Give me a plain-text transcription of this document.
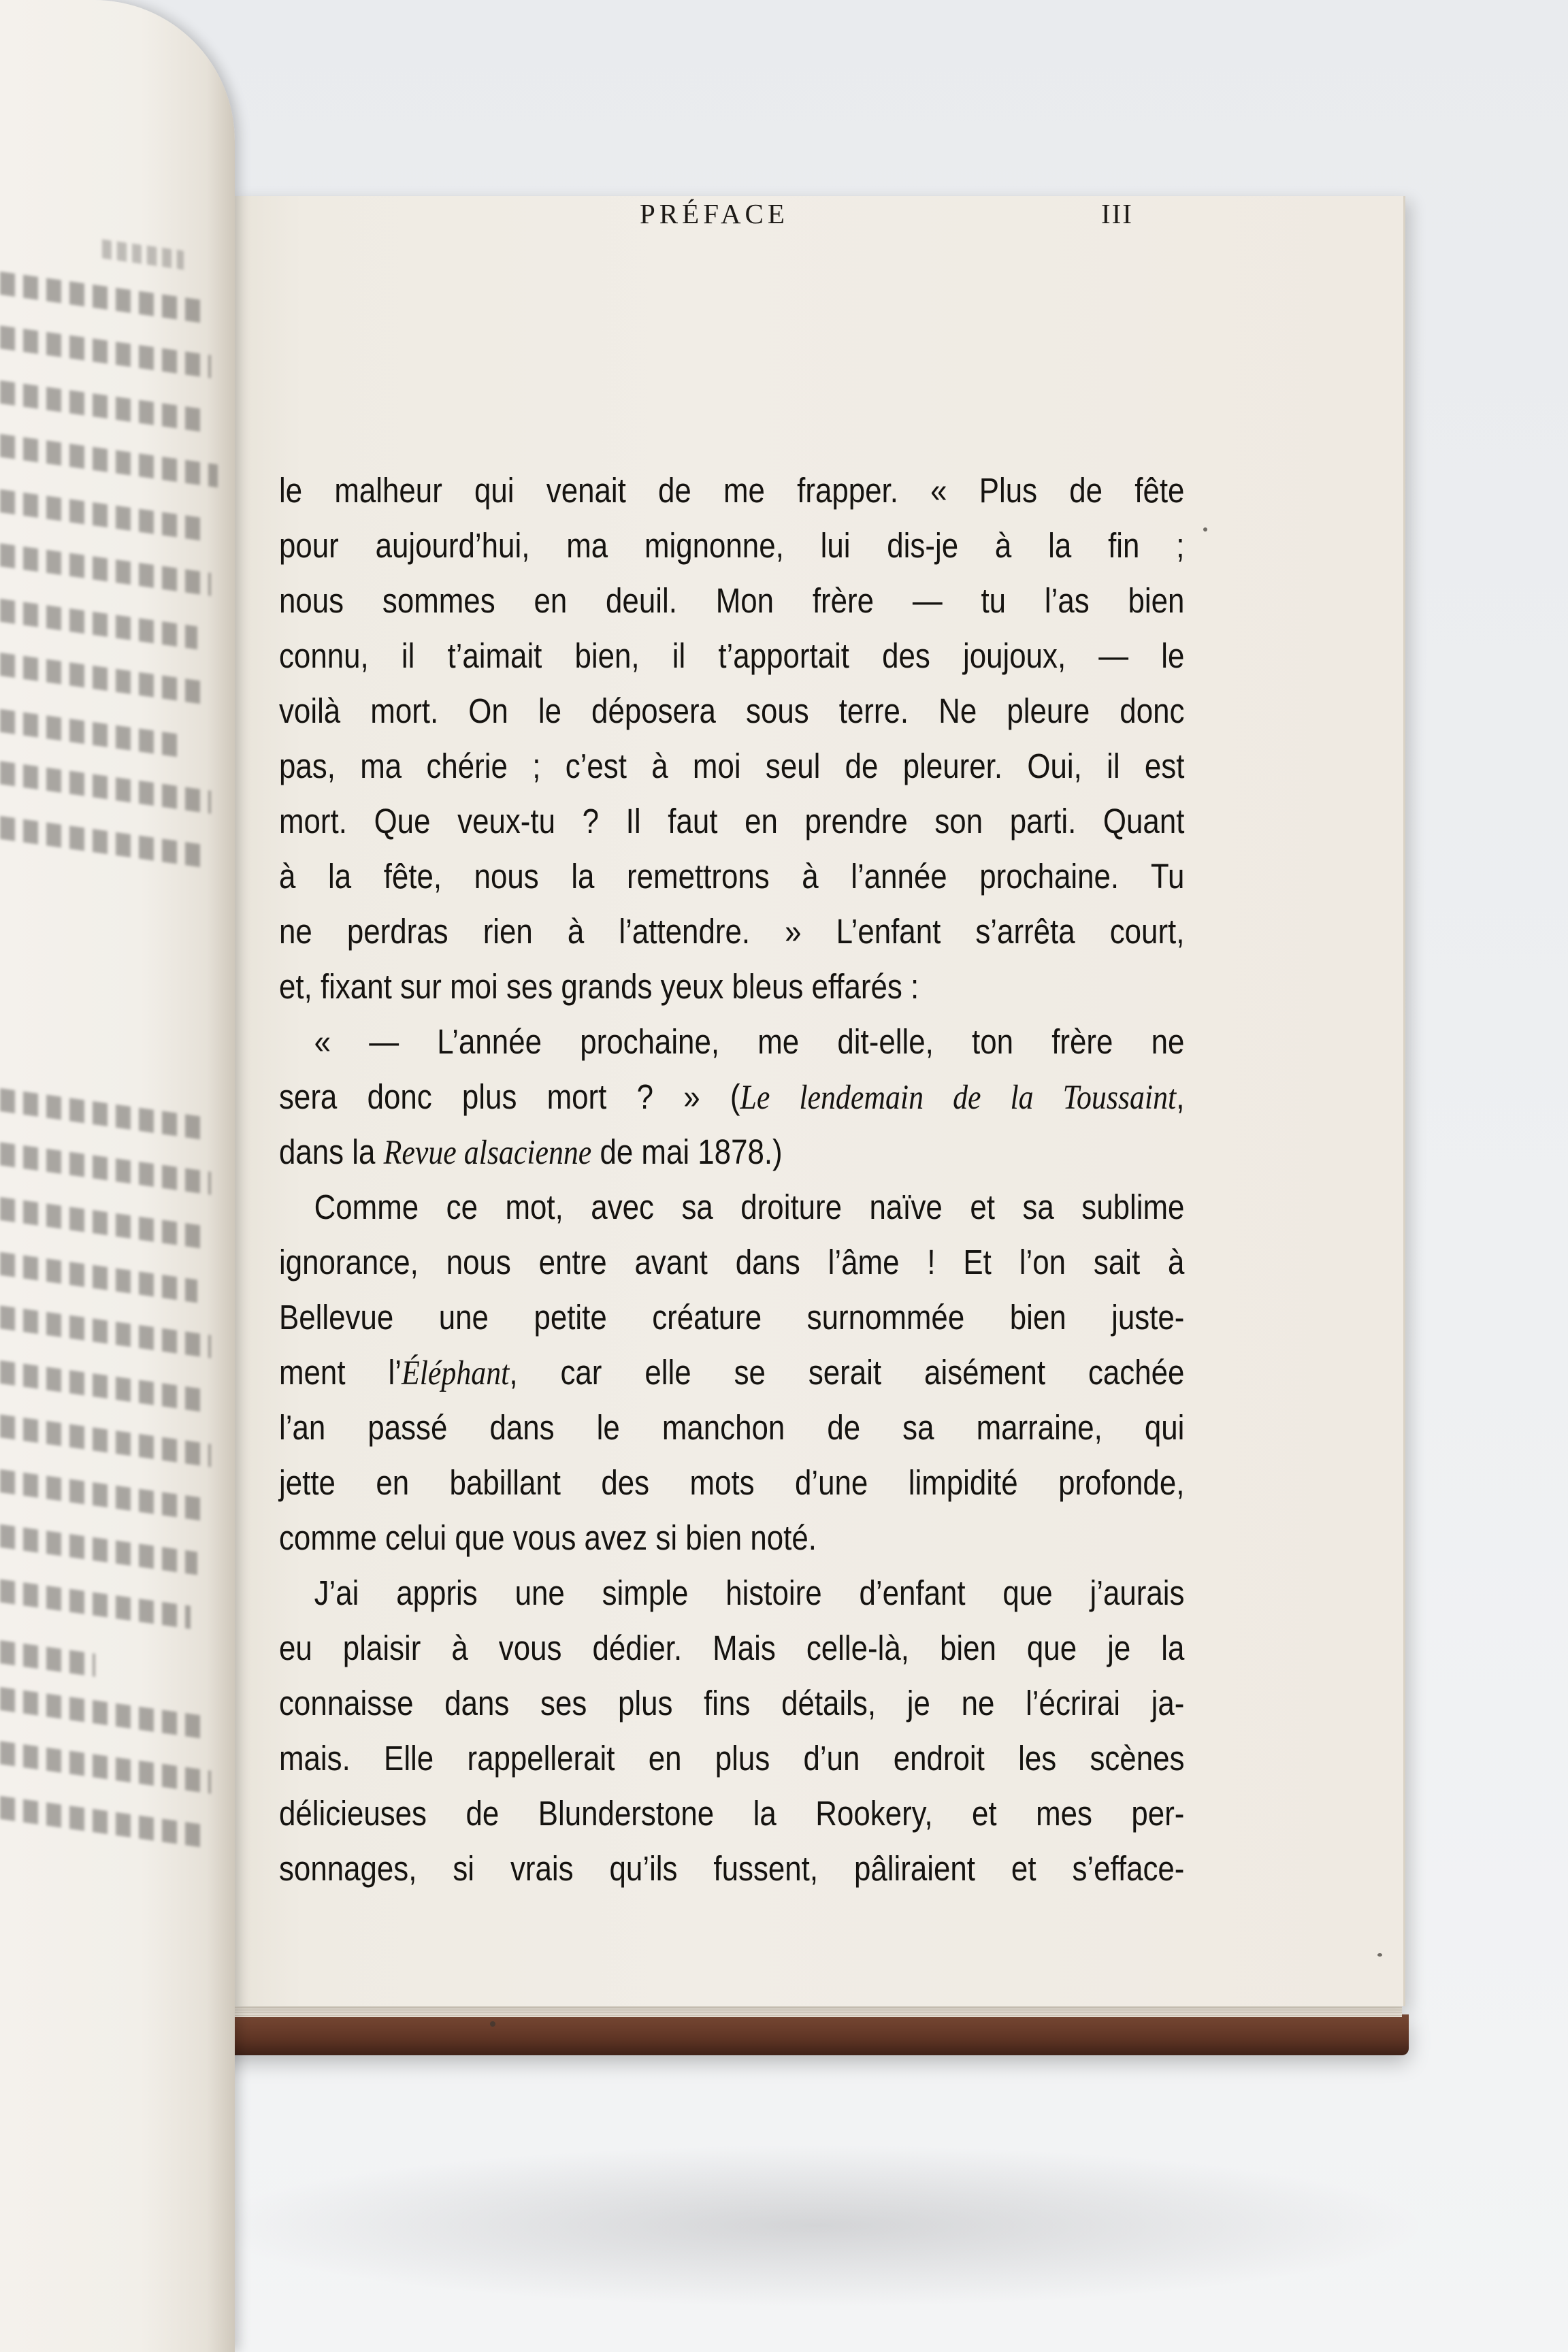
PRÉFACE	III
le malheur qui venait de me frapper. « Plus de fête
pour aujourd’hui, ma mignonne, lui dis-je à la fin ;
nous sommes en deuil. Mon frère — tu l’as bien
connu, il t’aimait bien, il t’apportait des joujoux, — le
voilà mort. On le déposera sous terre. Ne pleure donc
pas, ma chérie ; c’est à moi seul de pleurer. Oui, il est
mort. Que veux-tu ? Il faut en prendre son parti. Quant
à la fête, nous la remettrons à l’année prochaine. Tu
ne perdras rien à l’attendre. » L’enfant s’arrêta court,
et, fixant sur moi ses grands yeux bleus effarés :
« — L’année prochaine, me dit-elle, ton frère ne
sera donc plus mort ? » (Le lendemain de la Toussaint,
dans la Revue alsacienne de mai 1878.)
Comme ce mot, avec sa droiture naïve et sa sublime
ignorance, nous entre avant dans l’âme ! Et l’on sait à
Bellevue une petite créature surnommée bien juste-
ment l’Éléphant, car elle se serait aisément cachée
l’an passé dans le manchon de sa marraine, qui
jette en babillant des mots d’une limpidité profonde,
comme celui que vous avez si bien noté.
J’ai appris une simple histoire d’enfant que j’aurais
eu plaisir à vous dédier. Mais celle-là, bien que je la
connaisse dans ses plus fins détails, je ne l’écrirai ja-
mais. Elle rappellerait en plus d’un endroit les scènes
délicieuses de Blunderstone la Rookery, et mes per-
sonnages, si vrais qu’ils fussent, pâliraient et s’efface-
